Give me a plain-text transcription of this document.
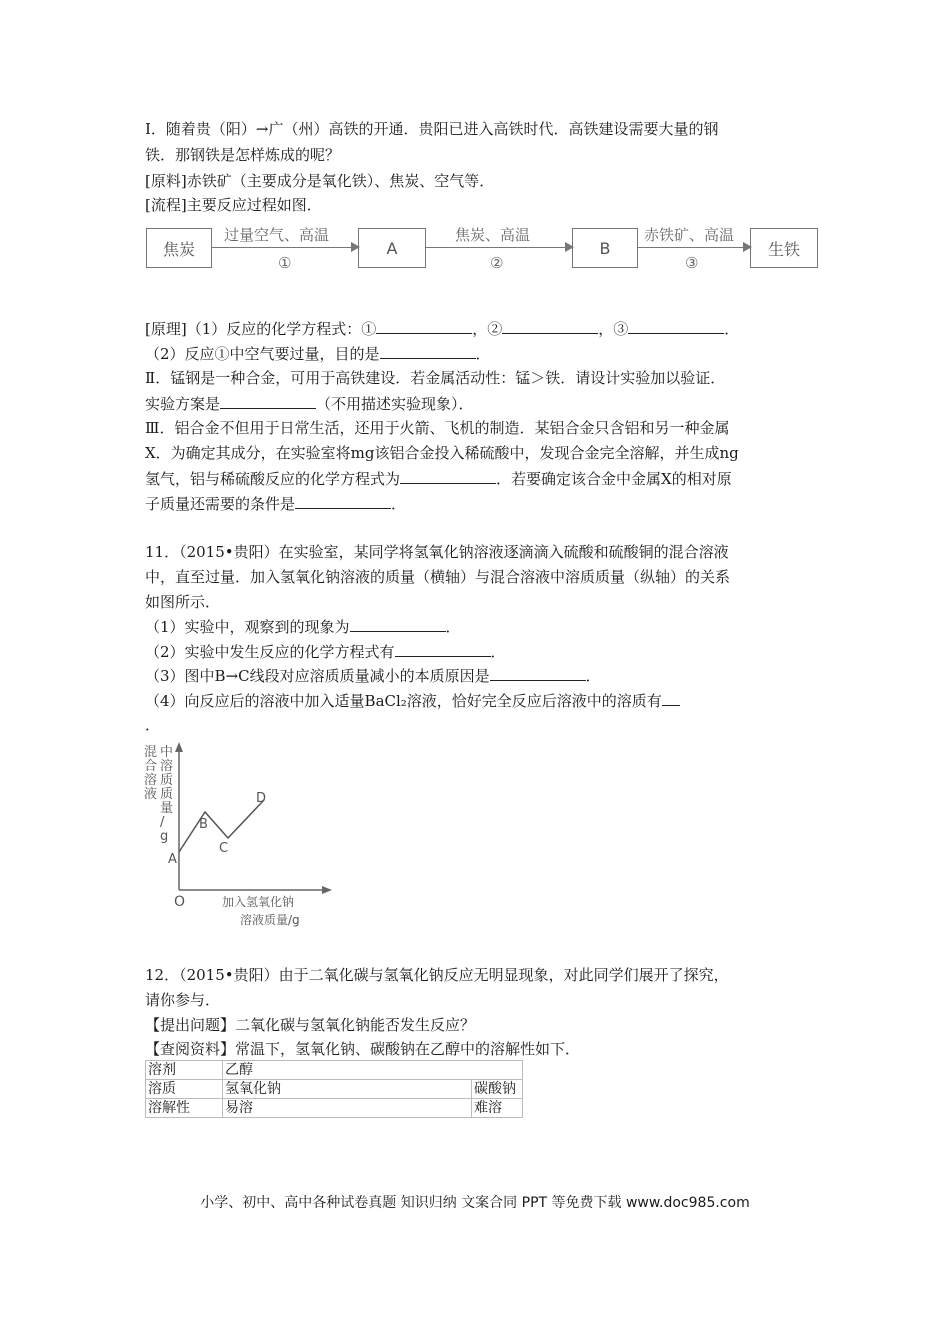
Ⅰ．随着贵（阳）→广（州）高铁的开通．贵阳已进入高铁时代．高铁建设需要大量的钢
铁．那钢铁是怎样炼成的呢？
[原料]赤铁矿（主要成分是氧化铁）、焦炭、空气等．
[流程]主要反应过程如图．
焦炭
过量空气、高温
①
A
焦炭、高温
②
B
赤铁矿、高温
③
生铁
[原理]（1）反应的化学方程式：①	，②	，③	．
（2）反应①中空气要过量，目的是	．
Ⅱ．锰钢是一种合金，可用于高铁建设．若金属活动性：锰＞铁．请设计实验加以验证．
实验方案是	（不用描述实验现象）．
Ⅲ．铝合金不但用于日常生活，还用于火箭、飞机的制造．某铝合金只含铝和另一种金属
X．为确定其成分，在实验室将mg该铝合金投入稀硫酸中，发现合金完全溶解，并生成ng
氢气，铝与稀硫酸反应的化学方程式为	．若要确定该合金中金属X的相对原
子质量还需要的条件是	．
11．（2015•贵阳）在实验室，某同学将氢氧化钠溶液逐滴滴入硫酸和硫酸铜的混合溶液
中，直至过量．加入氢氧化钠溶液的质量（横轴）与混合溶液中溶质质量（纵轴）的关系
如图所示．
（1）实验中，观察到的现象为	．
（2）实验中发生反应的化学方程式有	．
（3）图中B→C线段对应溶质质量减小的本质原因是	．
（4）向反应后的溶液中加入适量BaCl₂溶液，恰好完全反应后溶液中的溶质有
．
混
合
溶
液
中
溶
质
质
量
/
g
A
B
C
D
O	加入氢氧化钠
溶液质量/g
12．（2015•贵阳）由于二氧化碳与氢氧化钠反应无明显现象，对此同学们展开了探究，
请你参与．
【提出问题】二氧化碳与氢氧化钠能否发生反应？
【查阅资料】常温下，氢氧化钠、碳酸钠在乙醇中的溶解性如下．
溶剂	乙醇	
溶质	氢氧化钠	碳酸钠
溶解性	易溶	难溶
小学、初中、高中各种试卷真题 知识归纳 文案合同 PPT 等免费下载 www.doc985.com
